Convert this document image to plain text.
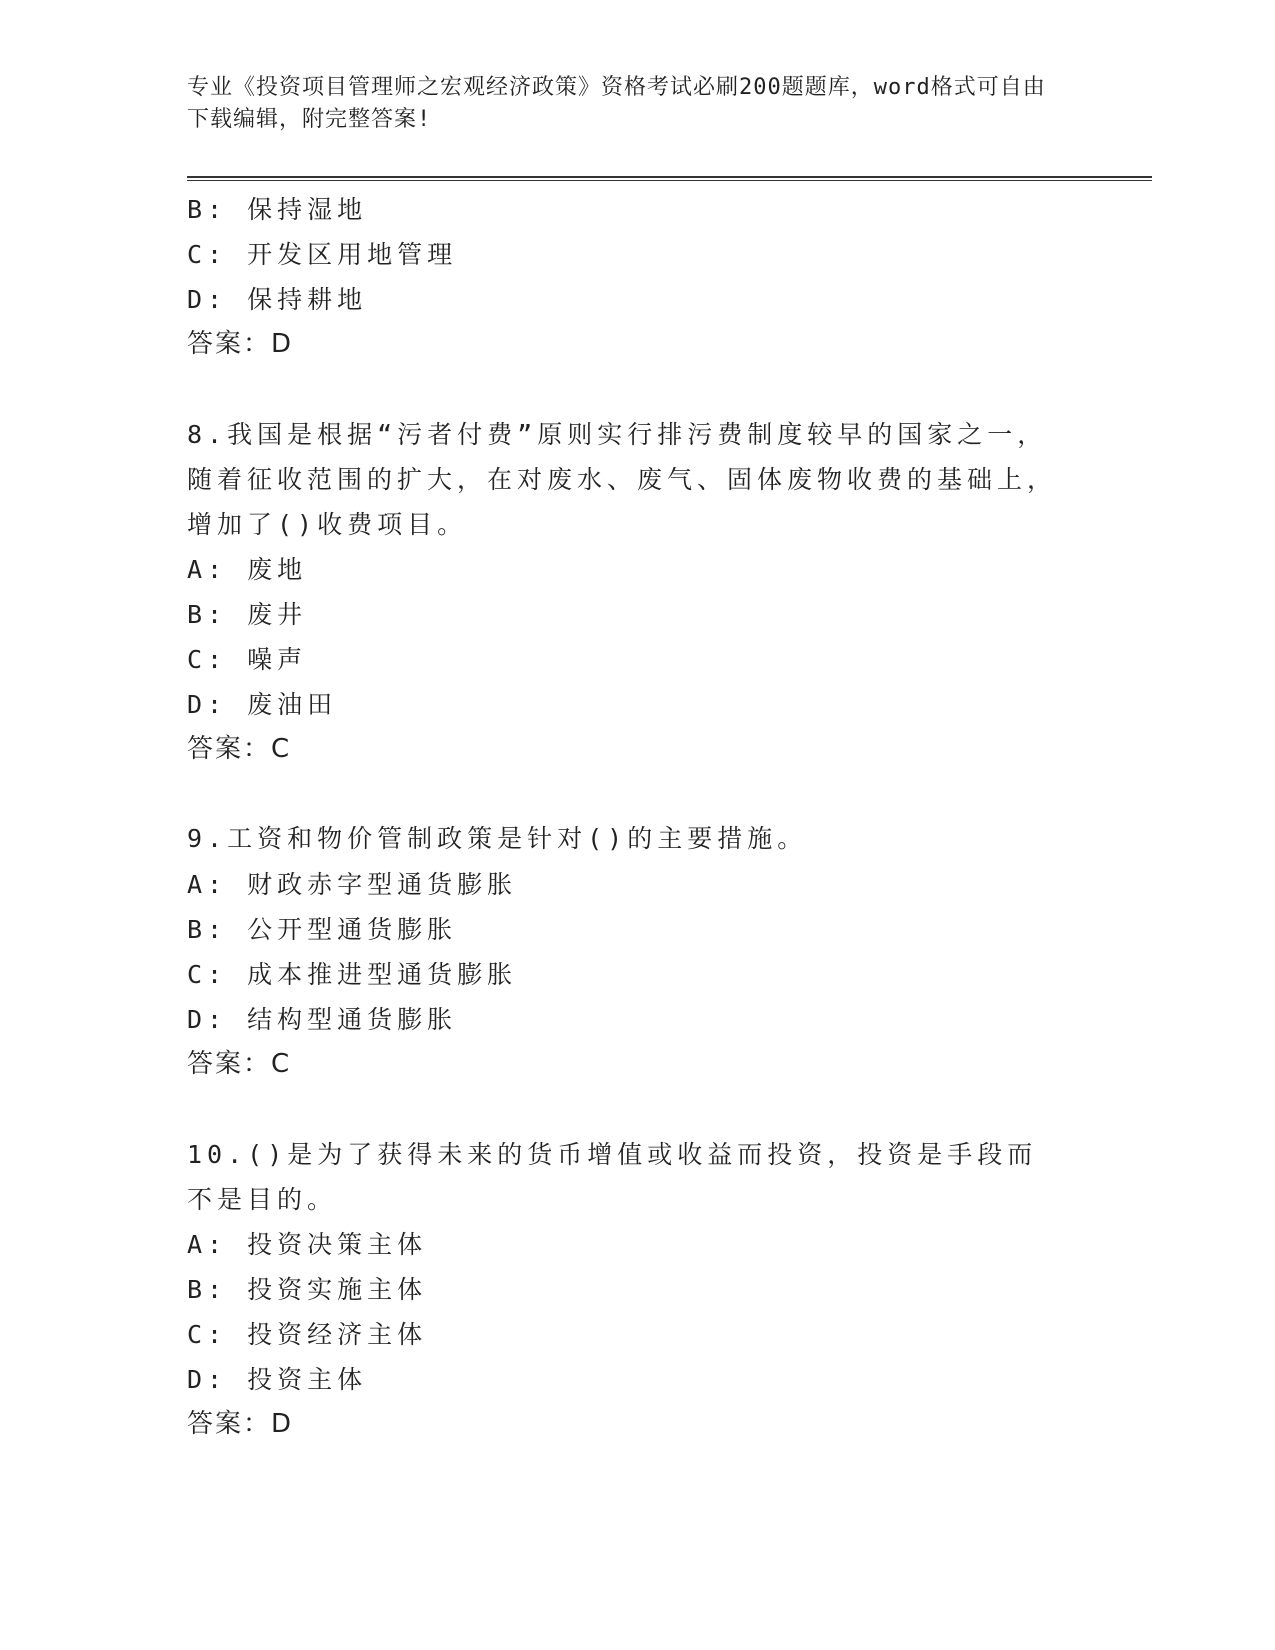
专业《投资项目管理师之宏观经济政策》资格考试必刷200题题库，word格式可自由下载编辑，附完整答案!
B: 保持湿地
C: 开发区用地管理
D: 保持耕地
答案：D
8.我国是根据“污者付费”原则实行排污费制度较早的国家之一，随着征收范围的扩大，在对废水、废气、固体废物收费的基础上，增加了()收费项目。
A: 废地
B: 废井
C: 噪声
D: 废油田
答案：C
9.工资和物价管制政策是针对()的主要措施。
A: 财政赤字型通货膨胀
B: 公开型通货膨胀
C: 成本推进型通货膨胀
D: 结构型通货膨胀
答案：C
10.()是为了获得未来的货币增值或收益而投资，投资是手段而不是目的。
A: 投资决策主体
B: 投资实施主体
C: 投资经济主体
D: 投资主体
答案：D
